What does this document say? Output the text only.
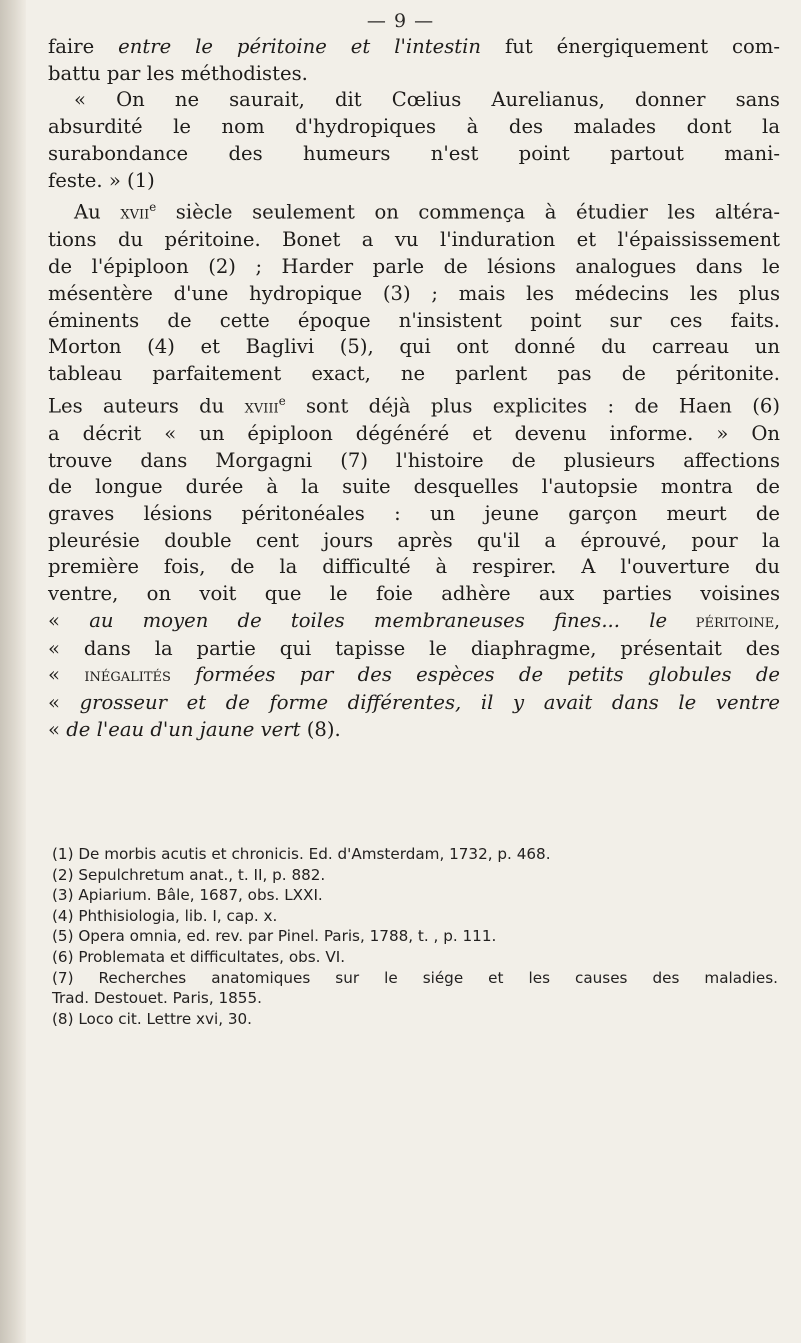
— 9 —

faire entre le péritoine et l'intestin fut énergiquement com-
battu par les méthodistes.

« On ne saurait, dit Cœlius Aurelianus, donner sans
absurdité le nom d'hydropiques à des malades dont la
surabondance des humeurs n'est point partout mani-
feste. » (1)

Au xvii$^e$ siècle seulement on commença à étudier les altéra-
tions du péritoine. Bonet a vu l'induration et l'épaississement
de l'épiploon (2) ; Harder parle de lésions analogues dans le
mésentère d'une hydropique (3) ; mais les médecins les plus
éminents de cette époque n'insistent point sur ces faits.
Morton (4) et Baglivi (5), qui ont donné du carreau un
tableau parfaitement exact, ne parlent pas de péritonite.
Les auteurs du xviii$^e$ sont déjà plus explicites : de Haen (6)
a décrit « un épiploon dégénéré et devenu informe. » On
trouve dans Morgagni (7) l'histoire de plusieurs affections
de longue durée à la suite desquelles l'autopsie montra de
graves lésions péritonéales : un jeune garçon meurt de
pleurésie double cent jours après qu'il a éprouvé, pour la
première fois, de la difficulté à respirer. A l'ouverture du
ventre, on voit que le foie adhère aux parties voisines
« au moyen de toiles membraneuses fines... le péritoine,
« dans la partie qui tapisse le diaphragme, présentait des
« inégalités formées par des espèces de petits globules de
« grosseur et de forme différentes, il y avait dans le ventre
« de l'eau d'un jaune vert (8).

(1) De morbis acutis et chronicis. Ed. d'Amsterdam, 1732, p. 468.
(2) Sepulchretum anat., t. II, p. 882.
(3) Apiarium. Bâle, 1687, obs. LXXI.
(4) Phthisiologia, lib. I, cap. x.
(5) Opera omnia, ed. rev. par Pinel. Paris, 1788, t. , p. 111.
(6) Problemata et difficultates, obs. VI.
(7) Recherches anatomiques sur le siége et les causes des maladies.
Trad. Destouet. Paris, 1855.
(8) Loco cit. Lettre xvi, 30.
